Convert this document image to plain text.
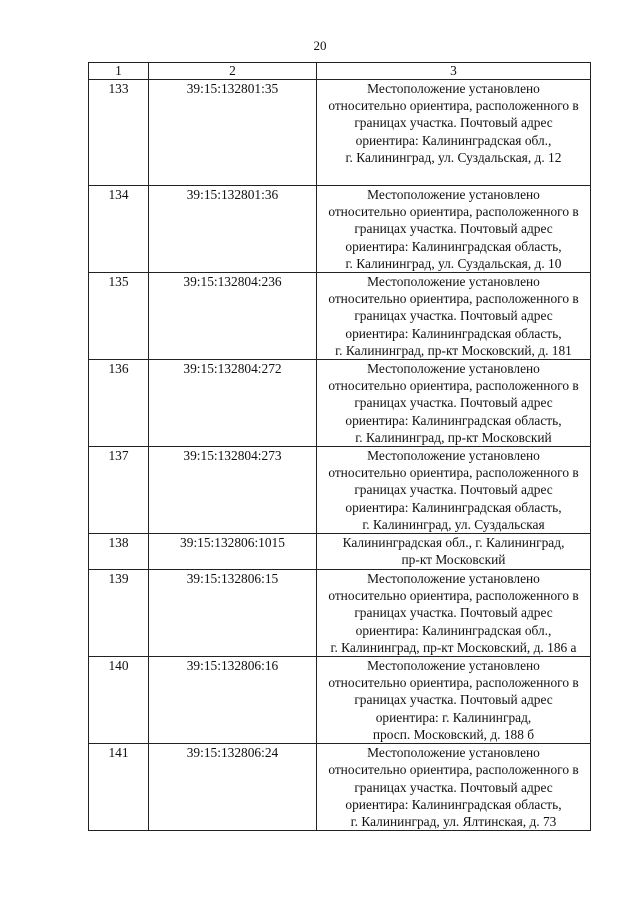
20
1	2	3
133	39:15:132801:35	Местоположение установлено
относительно ориентира, расположенного в
границах участка. Почтовый адрес
ориентира: Калининградская обл.,
г. Калининград, ул. Суздальская, д. 12

134	39:15:132801:36	Местоположение установлено
относительно ориентира, расположенного в
границах участка. Почтовый адрес
ориентира: Калининградская область,
г. Калининград, ул. Суздальская, д. 10

135	39:15:132804:236	Местоположение установлено
относительно ориентира, расположенного в
границах участка. Почтовый адрес
ориентира: Калининградская область,
г. Калининград, пр-кт Московский, д. 181

136	39:15:132804:272	Местоположение установлено
относительно ориентира, расположенного в
границах участка. Почтовый адрес
ориентира: Калининградская область,
г. Калининград, пр-кт Московский

137	39:15:132804:273	Местоположение установлено
относительно ориентира, расположенного в
границах участка. Почтовый адрес
ориентира: Калининградская область,
г. Калининград, ул. Суздальская

138	39:15:132806:1015	Калининградская обл., г. Калининград,
пр-кт Московский

139	39:15:132806:15	Местоположение установлено
относительно ориентира, расположенного в
границах участка. Почтовый адрес
ориентира: Калининградская обл.,
г. Калининград, пр-кт Московский, д. 186 а

140	39:15:132806:16	Местоположение установлено
относительно ориентира, расположенного в
границах участка. Почтовый адрес
ориентира: г. Калининград,
просп. Московский, д. 188 б

141	39:15:132806:24	Местоположение установлено
относительно ориентира, расположенного в
границах участка. Почтовый адрес
ориентира: Калининградская область,
г. Калининград, ул. Ялтинская, д. 73
